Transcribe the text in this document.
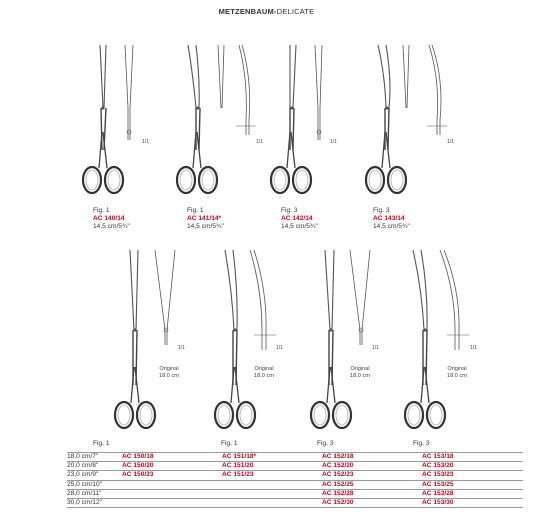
METZENBAUM-DELICATE
1/1	1/1	1/1	1/1
1/1	1/1	1/1	1/1
Fig. 1
AC 140/14
14,5 cm/5¾"
Fig. 1
AC 141/14*
14,5 cm/5¾"
Fig. 3
AC 142/14
14,5 cm/5¾"
Fig. 3
AC 143/14
14,5 cm/5¾"
Original
18,0 cm
Original
18,0 cm
Original
18,0 cm
Original
18,0 cm
Fig. 1	Fig. 1	Fig. 3	Fig. 3
18,0 cm/7"	AC 150/18	AC 151/18*	AC 152/18	AC 153/18
20,0 cm/8"	AC 150/20	AC 151/20	AC 152/20	AC 153/20
23,0 cm/9"	AC 150/23	AC 151/23	AC 152/23	AC 153/23
25,0 cm/10"			AC 152/25	AC 153/25
28,0 cm/11"			AC 152/28	AC 153/28
30,0 cm/12"			AC 152/30	AC 153/30
